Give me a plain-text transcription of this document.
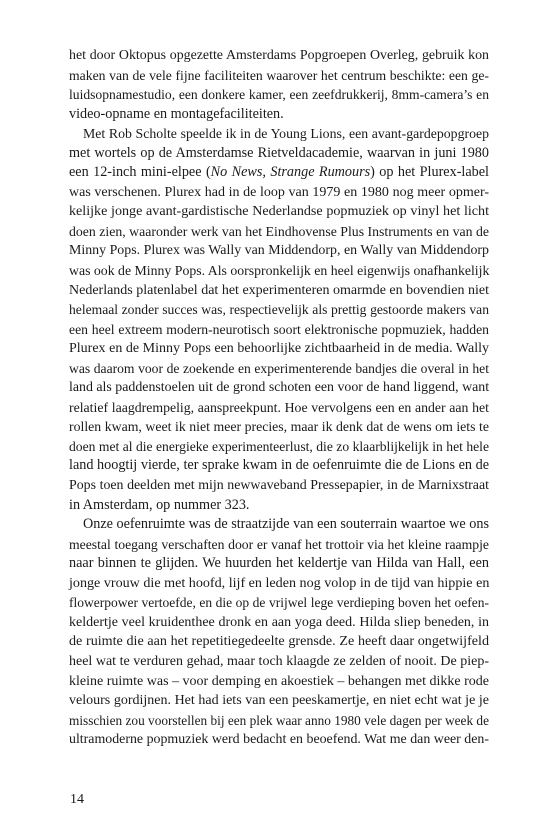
het door Oktopus opgezette Amsterdams Popgroepen Overleg, gebruik kon
maken van de vele fijne faciliteiten waarover het centrum beschikte: een ge-
luidsopnamestudio, een donkere kamer, een zeefdrukkerij, 8mm-camera’s en
video-opname en montagefaciliteiten.
Met Rob Scholte speelde ik in de Young Lions, een avant-gardepopgroep
met wortels op de Amsterdamse Rietveldacademie, waarvan in juni 1980
een 12-inch mini-elpee (No News, Strange Rumours) op het Plurex-label
was verschenen. Plurex had in de loop van 1979 en 1980 nog meer opmer-
kelijke jonge avant-gardistische Nederlandse popmuziek op vinyl het licht
doen zien, waaronder werk van het Eindhovense Plus Instruments en van de
Minny Pops. Plurex was Wally van Middendorp, en Wally van Middendorp
was ook de Minny Pops. Als oorspronkelijk en heel eigenwijs onafhankelijk
Nederlands platenlabel dat het experimenteren omarmde en bovendien niet
helemaal zonder succes was, respectievelijk als prettig gestoorde makers van
een heel extreem modern-neurotisch soort elektronische popmuziek, hadden
Plurex en de Minny Pops een behoorlijke zichtbaarheid in de media. Wally
was daarom voor de zoekende en experimenterende bandjes die overal in het
land als paddenstoelen uit de grond schoten een voor de hand liggend, want
relatief laagdrempelig, aanspreekpunt. Hoe vervolgens een en ander aan het
rollen kwam, weet ik niet meer precies, maar ik denk dat de wens om iets te
doen met al die energieke experimenteerlust, die zo klaarblijkelijk in het hele
land hoogtij vierde, ter sprake kwam in de oefenruimte die de Lions en de
Pops toen deelden met mijn newwaveband Pressepapier, in de Marnixstraat
in Amsterdam, op nummer 323.
Onze oefenruimte was de straatzijde van een souterrain waartoe we ons
meestal toegang verschaften door er vanaf het trottoir via het kleine raampje
naar binnen te glijden. We huurden het keldertje van Hilda van Hall, een
jonge vrouw die met hoofd, lijf en leden nog volop in de tijd van hippie en
flowerpower vertoefde, en die op de vrijwel lege verdieping boven het oefen-
keldertje veel kruidenthee dronk en aan yoga deed. Hilda sliep beneden, in
de ruimte die aan het repetitiegedeelte grensde. Ze heeft daar ongetwijfeld
heel wat te verduren gehad, maar toch klaagde ze zelden of nooit. De piep-
kleine ruimte was – voor demping en akoestiek – behangen met dikke rode
velours gordijnen. Het had iets van een peeskamertje, en niet echt wat je je
misschien zou voorstellen bij een plek waar anno 1980 vele dagen per week de
ultramoderne popmuziek werd bedacht en beoefend. Wat me dan weer den-
14
